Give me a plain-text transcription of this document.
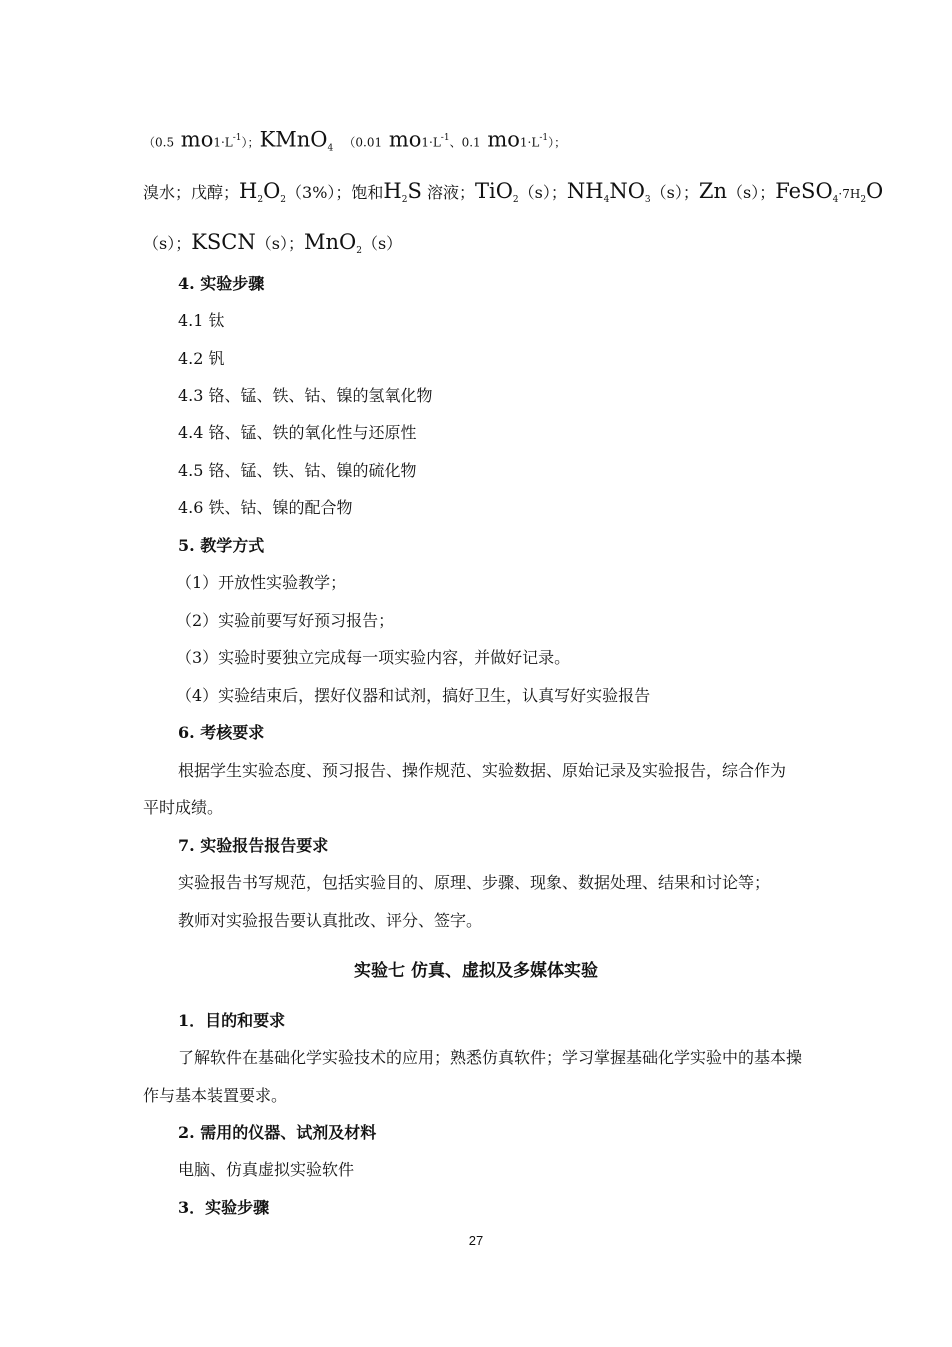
（0.5 $mo1\cdot L^{-1}$）；KMnO$_4$ （0.01 $mo1\cdot L^{-1}$、0.1 $mo1\cdot L^{-1}$）；
溴水；戊醇；$H_2O_2(3\%)$；饱和$H_2S$ 溶液；TiO$_2$（s）；$NH_4NO_3(s)$；Zn（s）；$FeSO_4\cdot 7H_2O$
（s）；KSCN（s）；MnO$_2$（s）
4. 实验步骤
4.1 钛
4.2 钒
4.3 铬、锰、铁、钴、镍的氢氧化物
4.4 铬、锰、铁的氧化性与还原性
4.5 铬、锰、铁、钴、镍的硫化物
4.6 铁、钴、镍的配合物
5. 教学方式
（1）开放性实验教学；
（2）实验前要写好预习报告；
（3）实验时要独立完成每一项实验内容，并做好记录。
（4）实验结束后，摆好仪器和试剂，搞好卫生，认真写好实验报告
6. 考核要求
根据学生实验态度、预习报告、操作规范、实验数据、原始记录及实验报告，综合作为
平时成绩。
7. 实验报告报告要求
实验报告书写规范，包括实验目的、原理、步骤、现象、数据处理、结果和讨论等；
教师对实验报告要认真批改、评分、签字。
实验七 仿真、虚拟及多媒体实验
1．目的和要求
了解软件在基础化学实验技术的应用；熟悉仿真软件；学习掌握基础化学实验中的基本操
作与基本装置要求。
2. 需用的仪器、试剂及材料
电脑、仿真虚拟实验软件
3．实验步骤
27
